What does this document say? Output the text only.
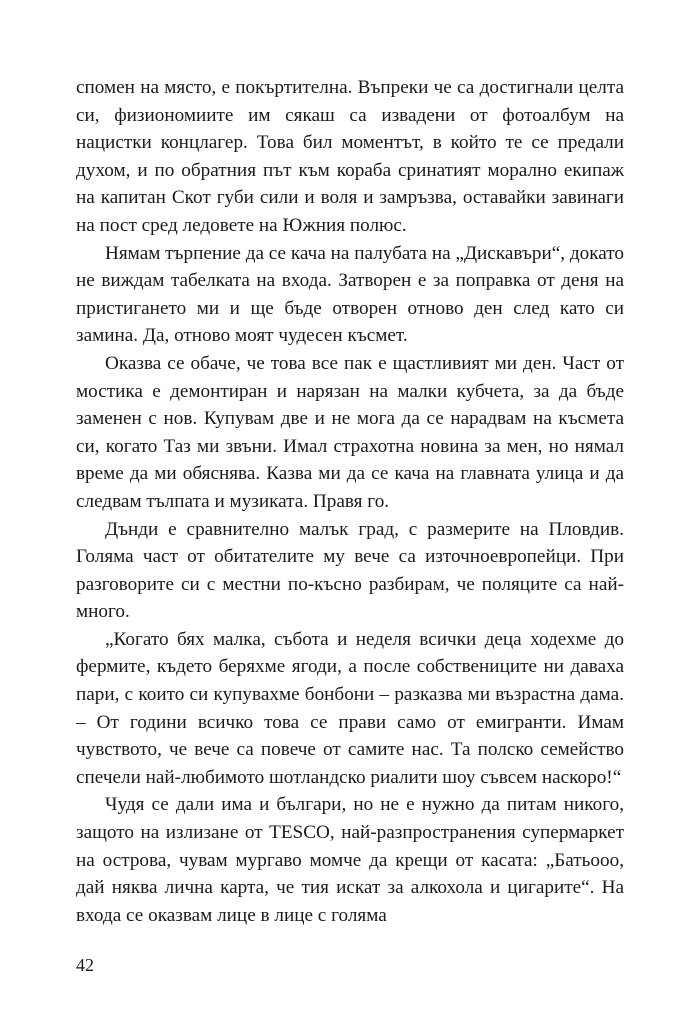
спомен на място, е покъртителна. Въпреки че са достигнали целта си, физиономиите им сякаш са извадени от фотоалбум на нацистки концлагер. Това бил моментът, в който те се предали духом, и по обратния път към кораба сринатият морално екипаж на капитан Скот губи сили и воля и замръзва, оставайки завинаги на пост сред ледовете на Южния полюс.

Нямам търпение да се кача на палубата на „Дискавъри“, докато не виждам табелката на входа. Затворен е за поправка от деня на пристигането ми и ще бъде отворен отново ден след като си замина. Да, отново моят чудесен късмет.

Оказва се обаче, че това все пак е щастливият ми ден. Част от мостика е демонтиран и нарязан на малки кубчета, за да бъде заменен с нов. Купувам две и не мога да се нарадвам на късмета си, когато Таз ми звъни. Имал страхотна новина за мен, но нямал време да ми обяснява. Казва ми да се кача на главната улица и да следвам тълпата и музиката. Правя го.

Дънди е сравнително малък град, с размерите на Пловдив. Голяма част от обитателите му вече са източноевропейци. При разговорите си с местни по-късно разбирам, че поляците са най-много.

„Когато бях малка, събота и неделя всички деца ходехме до фермите, където беряхме ягоди, а после собствениците ни даваха пари, с които си купувахме бонбони – разказва ми възрастна дама. – От години всичко това се прави само от емигранти. Имам чувството, че вече са повече от самите нас. Та полско семейство спечели най-любимото шотландско риалити шоу съвсем наскоро!“

Чудя се дали има и българи, но не е нужно да питам никого, защото на излизане от TESCO, най-разпространения супермаркет на острова, чувам мургаво момче да крещи от касата: „Батьооо, дай няква лична карта, че тия искат за алкохола и цигарите“. На входа се оказвам лице в лице с голяма

42
